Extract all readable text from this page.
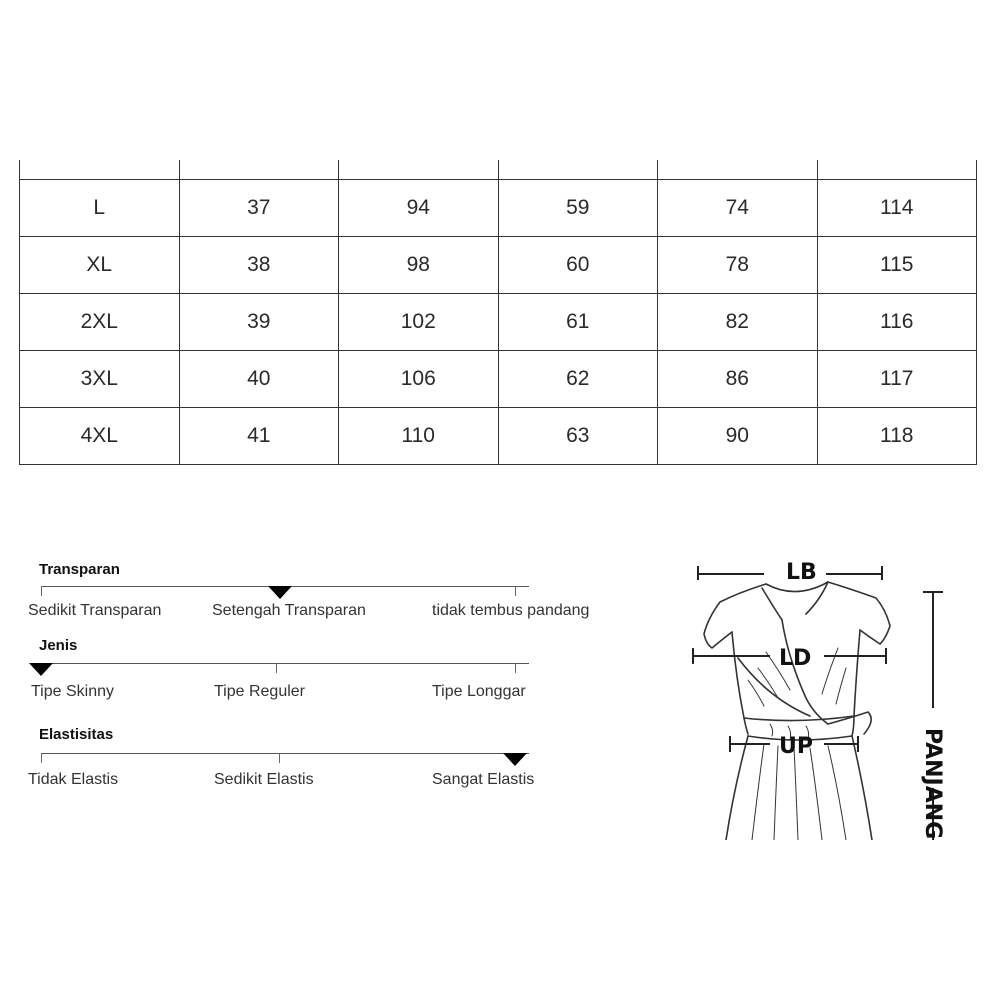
L	37	94	59	74	114
XL	38	98	60	78	115
2XL	39	102	61	82	116
3XL	40	106	62	86	117
4XL	41	110	63	90	118
Transparan
Sedikit Transparan	Setengah Transparan	tidak tembus pandang
Jenis
Tipe Skinny	Tipe Reguler	Tipe Longgar
Elastisitas
Tidak Elastis	Sedikit Elastis	Sangat Elastis
LB
LD
UP	PANJANG
